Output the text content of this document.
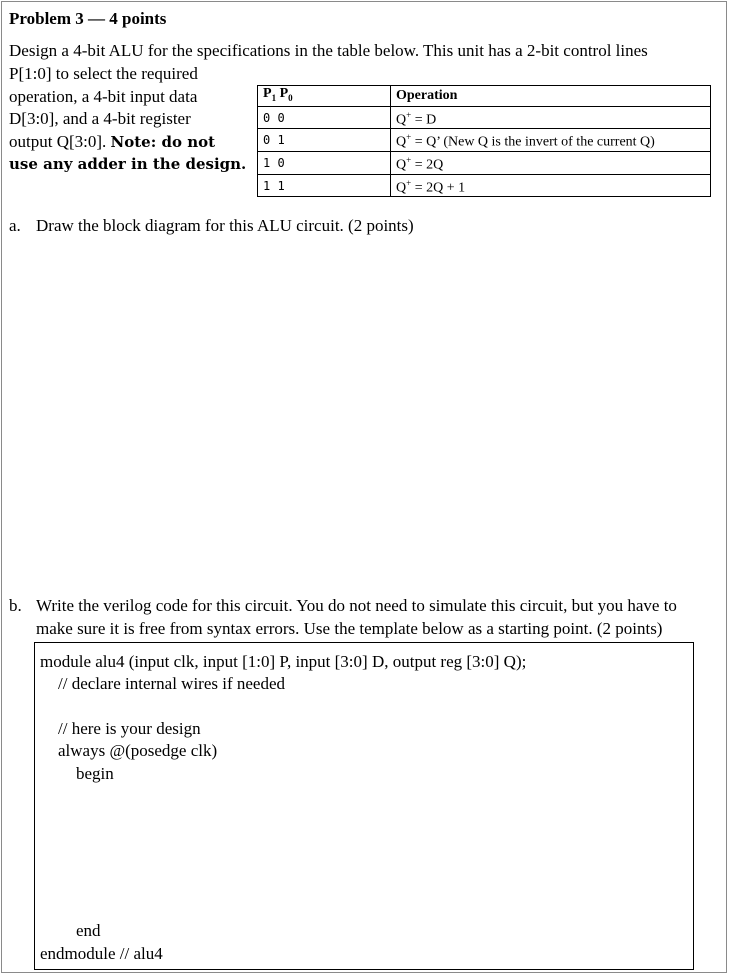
Problem 3 — 4 points
Design a 4-bit ALU for the specifications in the table below. This unit has a 2-bit control lines
P[1:0] to select the required
operation, a 4-bit input data
D[3:0], and a 4-bit register
output Q[3:0]. Note: do not
use any adder in the design.
$P_1$ $P_0$	Operation
0 0	Q+ = D
0 1	Q+ = Q’ (New Q is the invert of the current Q)
1 0	Q+ = 2Q
1 1	Q+ = 2Q + 1
a. Draw the block diagram for this ALU circuit. (2 points)
b. Write the verilog code for this circuit. You do not need to simulate this circuit, but you have to
make sure it is free from syntax errors. Use the template below as a starting point. (2 points)
module alu4 (input clk, input [1:0] P, input [3:0] D, output reg [3:0] Q);
// declare internal wires if needed
// here is your design
always @(posedge clk)
begin
end
endmodule // alu4
